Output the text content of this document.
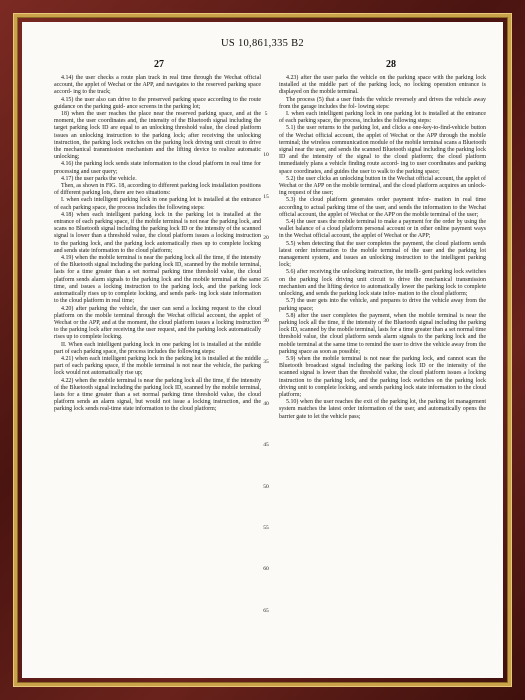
US 10,861,335 B2
27	28

4.14) the user checks a route plan track in real time through the Wechat official account, the applet of Wechat or the APP, and navigates to the reserved parking space accord- ing to the track;

4.15) the user also can drive to the preserved parking space according to the route guidance on the parking guid- ance screens in the parking lot;

18) when the user reaches the place near the reserved parking space, and at the moment, the user coordinates and, the intensity of the Bluetooth signal including the target parking lock ID are equal to an unlocking threshold value, the cloud platform issues an unlocking instruction to the parking lock; after receiving the unlocking instruction, the parking lock switches on the parking lock driving unit circuit to drive the mechanical transmission mechanism and the lifting device to realize automatic unlocking;

4.16) the parking lock sends state information to the cloud platform in real time for processing and user query;

4.17) the user parks the vehicle.

Then, as shown in FIG. 18, according to different parking lock installation positions of different parking lots, there are two situations:

I. when each intelligent parking lock in one parking lot is installed at the entrance of each parking space, the process includes the following steps:

4.18) when each intelligent parking lock in the parking lot is installed at the entrance of each parking space, if the mobile terminal is not near the parking lock, and scans no Bluetooth signal including the parking lock ID or the intensity of the scanned signal is lower than a threshold value, the cloud platform issues a locking instruction to the parking lock, and the parking lock automatically rises up to complete locking and sends state information to the cloud platform;

4.19) when the mobile terminal is near the parking lock all the time, if the intensity of the Bluetooth signal including the parking lock ID, scanned by the mobile terminal, lasts for a time greater than a set normal parking time threshold value, the cloud platform sends alarm signals to the parking lock and the mobile terminal at the same time, and issues a locking instruction to the parking lock, and the parking lock automatically rises up to complete locking, and sends park- ing lock state information to the cloud platform in real time;

4.20) after parking the vehicle, the user can send a locking request to the cloud platform on the mobile terminal through the Wechat official account, the applet of Wechat or the APP, and at the moment, the cloud platform issues a locking instruction to the parking lock after receiving the user request, and the parking lock automatically rises up to complete locking.

II. When each intelligent parking lock in one parking lot is installed at the middle part of each parking space, the process includes the following steps:

4.21) when each intelligent parking lock in the parking lot is installed at the middle part of each parking space, if the mobile terminal is not near the vehicle, the parking lock would not automatically rise up;

4.22) when the mobile terminal is near the parking lock all the time, if the intensity of the Bluetooth signal including the parking lock ID, scanned by the mobile terminal, lasts for a time greater than a set normal parking time threshold value, the cloud platform sends an alarm signal, but would not issue a locking instruction, and the parking lock sends real-time state information to the cloud platform;

5
10
15
20
25
30
35
40
45
50
55
60
65

4.23) after the user parks the vehicle on the parking space with the parking lock installed at the middle part of the parking lock, no locking operation entrance is displayed on the mobile terminal.

The process (5) that a user finds the vehicle reversely and drives the vehicle away from the garage includes the fol- lowing steps:

I. when each intelligent parking lock in one parking lot is installed at the entrance of each parking space, the process, includes the following steps:

5.1) the user returns to the parking lot, and clicks a one-key-to-find-vehicle button of the Wechat official account, the applet of Wechat or the APP through the mobile terminal; the wireless communication module of the mobile terminal scans a Bluetooth signal near the user, and sends the scanned Bluetooth signal including the parking lock ID and the intensity of the signal to the cloud platform; the cloud platform immediately plans a vehicle finding route accord- ing to user coordinates and parking space coordinates, and guides the user to walk to the parking space;

5.2) the user clicks an unlocking button in the Wechat official account, the applet of Wechat or the APP on the mobile terminal, and the cloud platform acquires an unlock- ing request of the user;

5.3) the cloud platform generates order payment infor- mation in real time according to actual parking time of the user, and sends the information to the Wechat official account, the applet of Wechat or the APP on the mobile terminal of the user;

5.4) the user uses the mobile terminal to make a payment for the order by using the wallet balance of a cloud platform personal account or in other online payment ways in the Wechat official account, the applet of Wechat or the APP;

5.5) when detecting that the user completes the payment, the cloud platform sends latest order information to the mobile terminal of the user and the parking lot management system, and issues an unlocking instruction to the intelligent parking lock;

5.6) after receiving the unlocking instruction, the intelli- gent parking lock switches on the parking lock driving unit circuit to drive the mechanical transmission mechanism and the lifting device to automatically lower the parking lock to complete unlocking, and sends the parking lock state infor- mation to the cloud platform;

5.7) the user gets into the vehicle, and prepares to drive the vehicle away from the parking space;

5.8) after the user completes the payment, when the mobile terminal is near the parking lock all the time, if the intensity of the Bluetooth signal including the parking lock ID, scanned by the mobile terminal, lasts for a time greater than a set normal time threshold value, the cloud platform sends alarm signals to the parking lock and the mobile terminal at the same time to remind the user to drive the vehicle away from the parking space as soon as possible;

5.9) when the mobile terminal is not near the parking lock, and cannot scan the Bluetooth broadcast signal including the parking lock ID or the intensity of the scanned signal is lower than the threshold value, the cloud platform issues a locking instruction to the parking lock, and the parking lock switches on the parking lock driving unit to complete locking, and sends parking lock state information to the cloud platform;

5.10) when the user reaches the exit of the parking lot, the parking lot management system matches the latest order information of the user, and automatically opens the barrier gate to let the vehicle pass;
